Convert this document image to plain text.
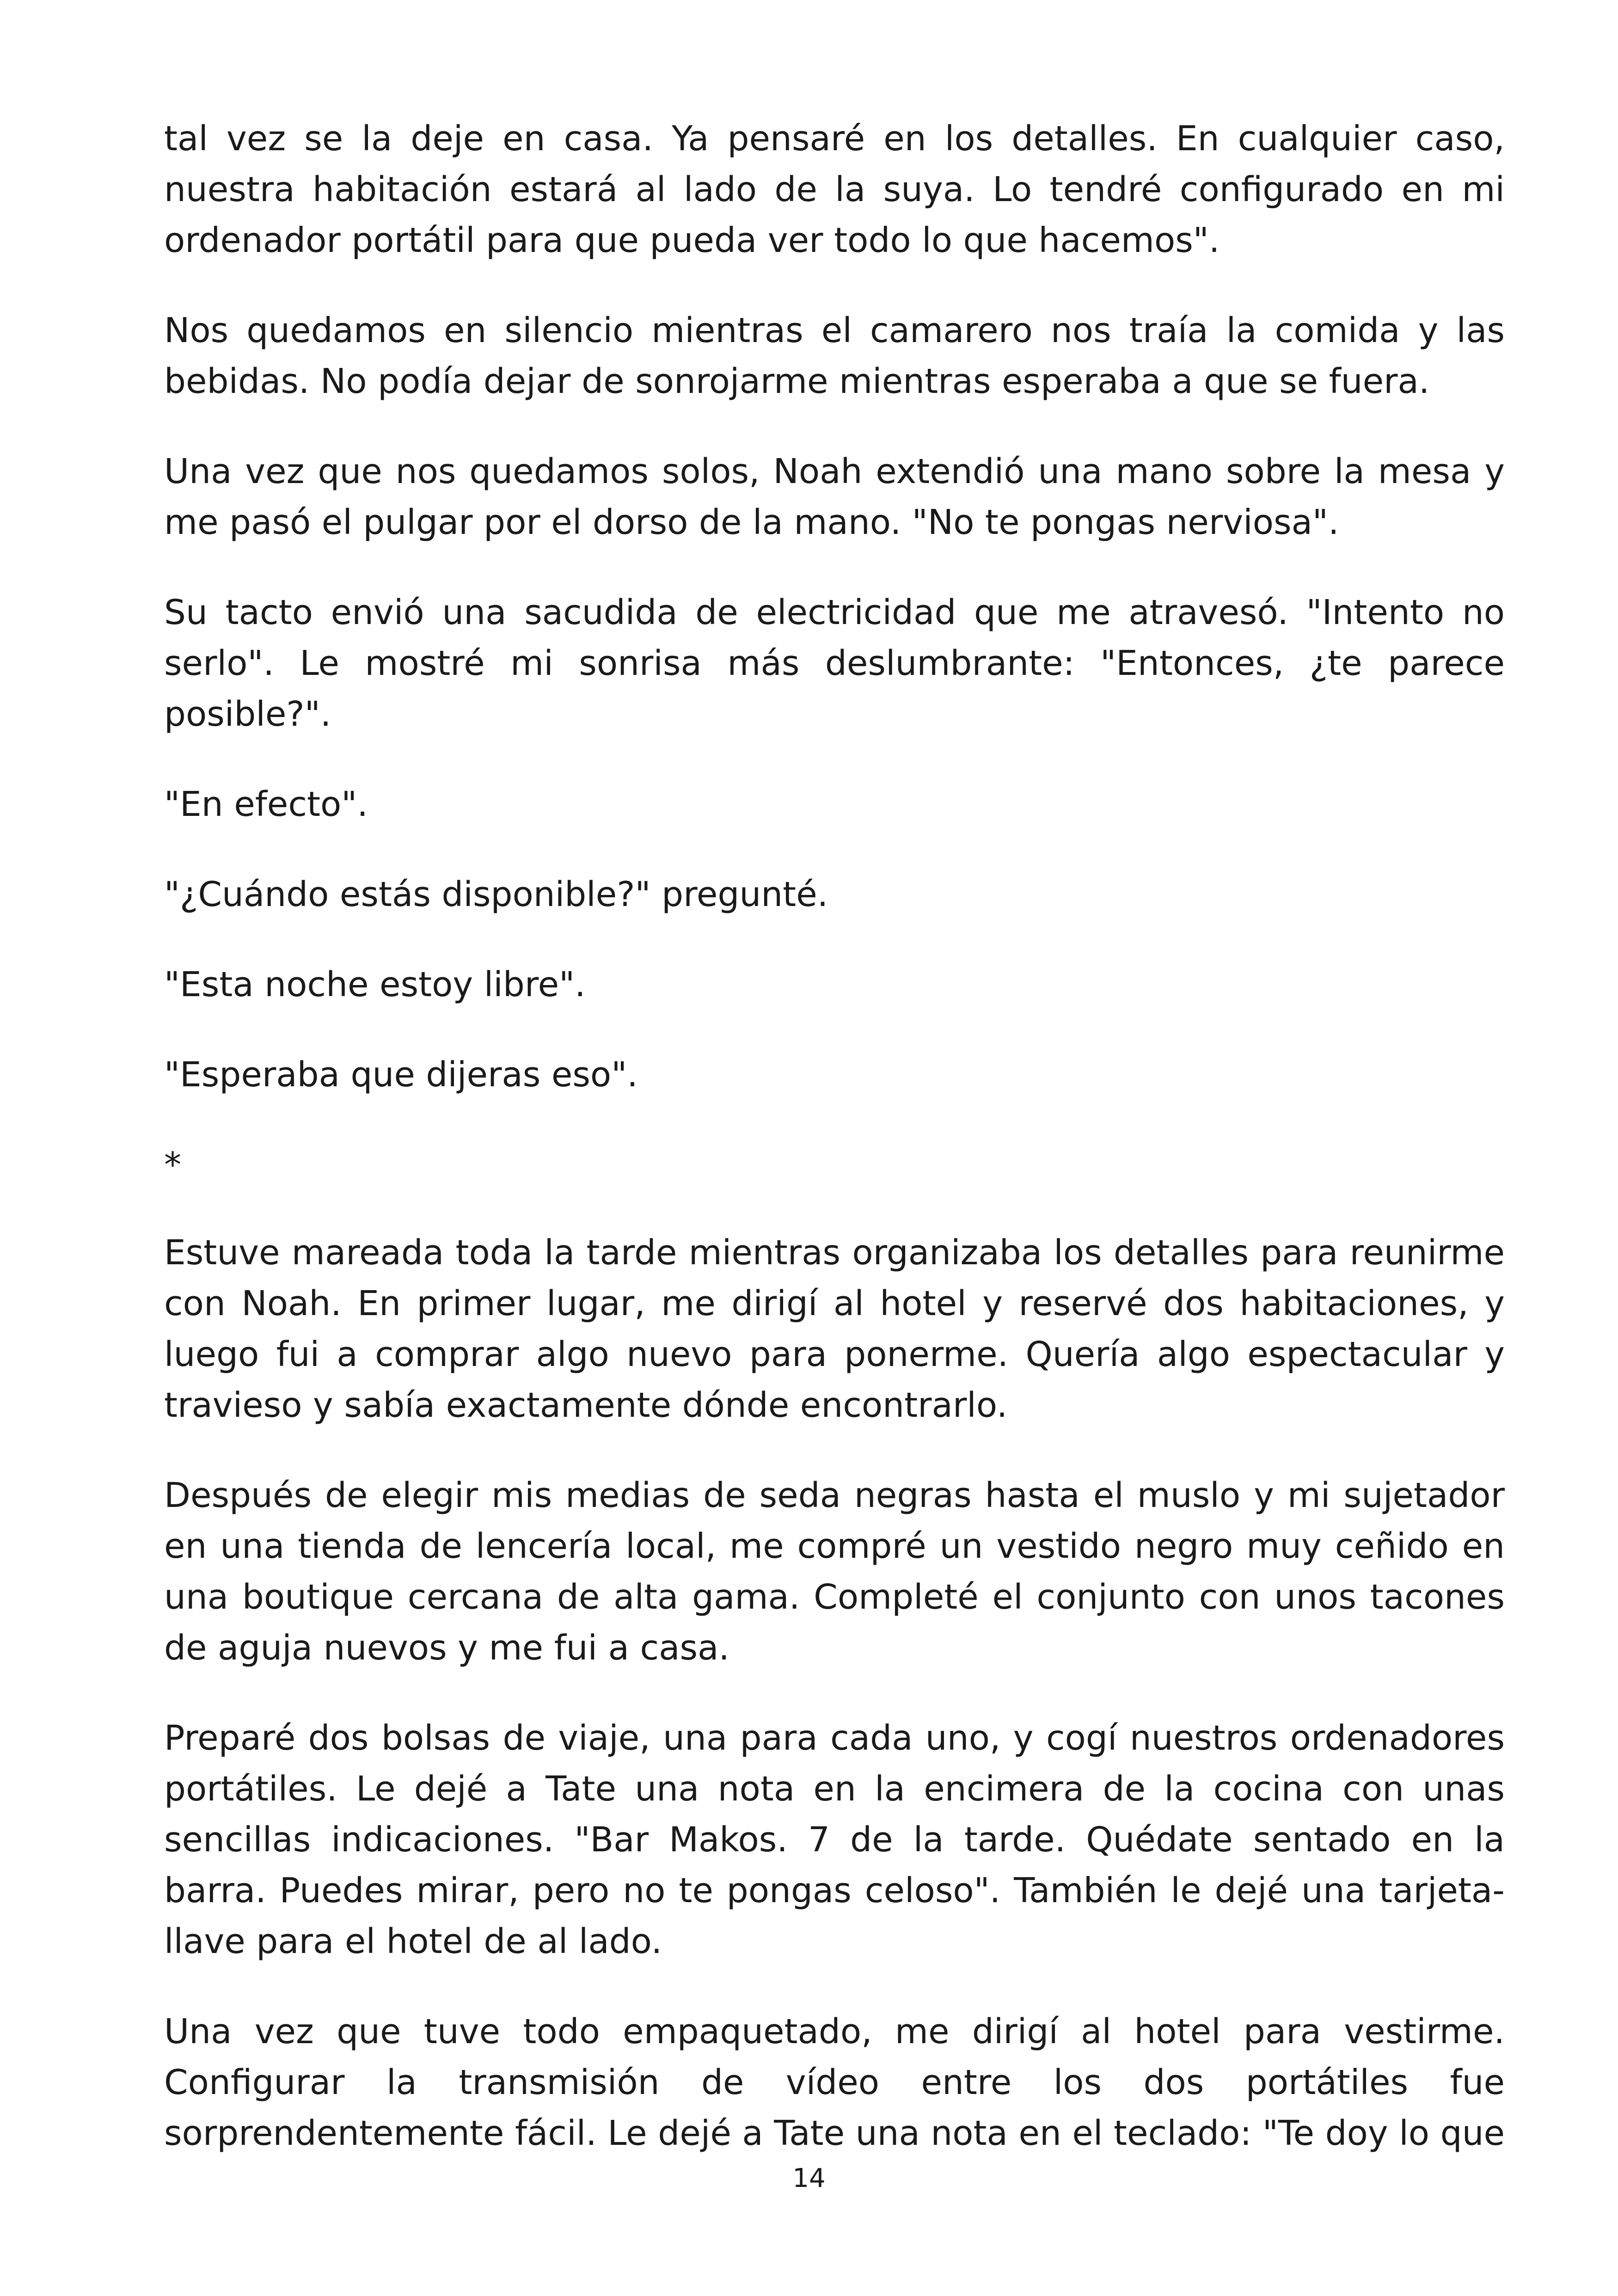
tal vez se la deje en casa. Ya pensaré en los detalles. En cualquier caso, nuestra habitación estará al lado de la suya. Lo tendré configurado en mi ordenador portátil para que pueda ver todo lo que hacemos".

Nos quedamos en silencio mientras el camarero nos traía la comida y las bebidas. No podía dejar de sonrojarme mientras esperaba a que se fuera.

Una vez que nos quedamos solos, Noah extendió una mano sobre la mesa y me pasó el pulgar por el dorso de la mano. "No te pongas nerviosa".

Su tacto envió una sacudida de electricidad que me atravesó. "Intento no serlo". Le mostré mi sonrisa más deslumbrante: "Entonces, ¿te parece posible?".

"En efecto".

"¿Cuándo estás disponible?" pregunté.

"Esta noche estoy libre".

"Esperaba que dijeras eso".

*

Estuve mareada toda la tarde mientras organizaba los detalles para reunirme con Noah. En primer lugar, me dirigí al hotel y reservé dos habitaciones, y luego fui a comprar algo nuevo para ponerme. Quería algo espectacular y travieso y sabía exactamente dónde encontrarlo.

Después de elegir mis medias de seda negras hasta el muslo y mi sujetador en una tienda de lencería local, me compré un vestido negro muy ceñido en una boutique cercana de alta gama. Completé el conjunto con unos tacones de aguja nuevos y me fui a casa.

Preparé dos bolsas de viaje, una para cada uno, y cogí nuestros ordenadores portátiles. Le dejé a Tate una nota en la encimera de la cocina con unas sencillas indicaciones. "Bar Makos. 7 de la tarde. Quédate sentado en la barra. Puedes mirar, pero no te pongas celoso". También le dejé una tarjeta-llave para el hotel de al lado.

Una vez que tuve todo empaquetado, me dirigí al hotel para vestirme. Configurar la transmisión de vídeo entre los dos portátiles fue sorprendentemente fácil. Le dejé a Tate una nota en el teclado: "Te doy lo que

14
